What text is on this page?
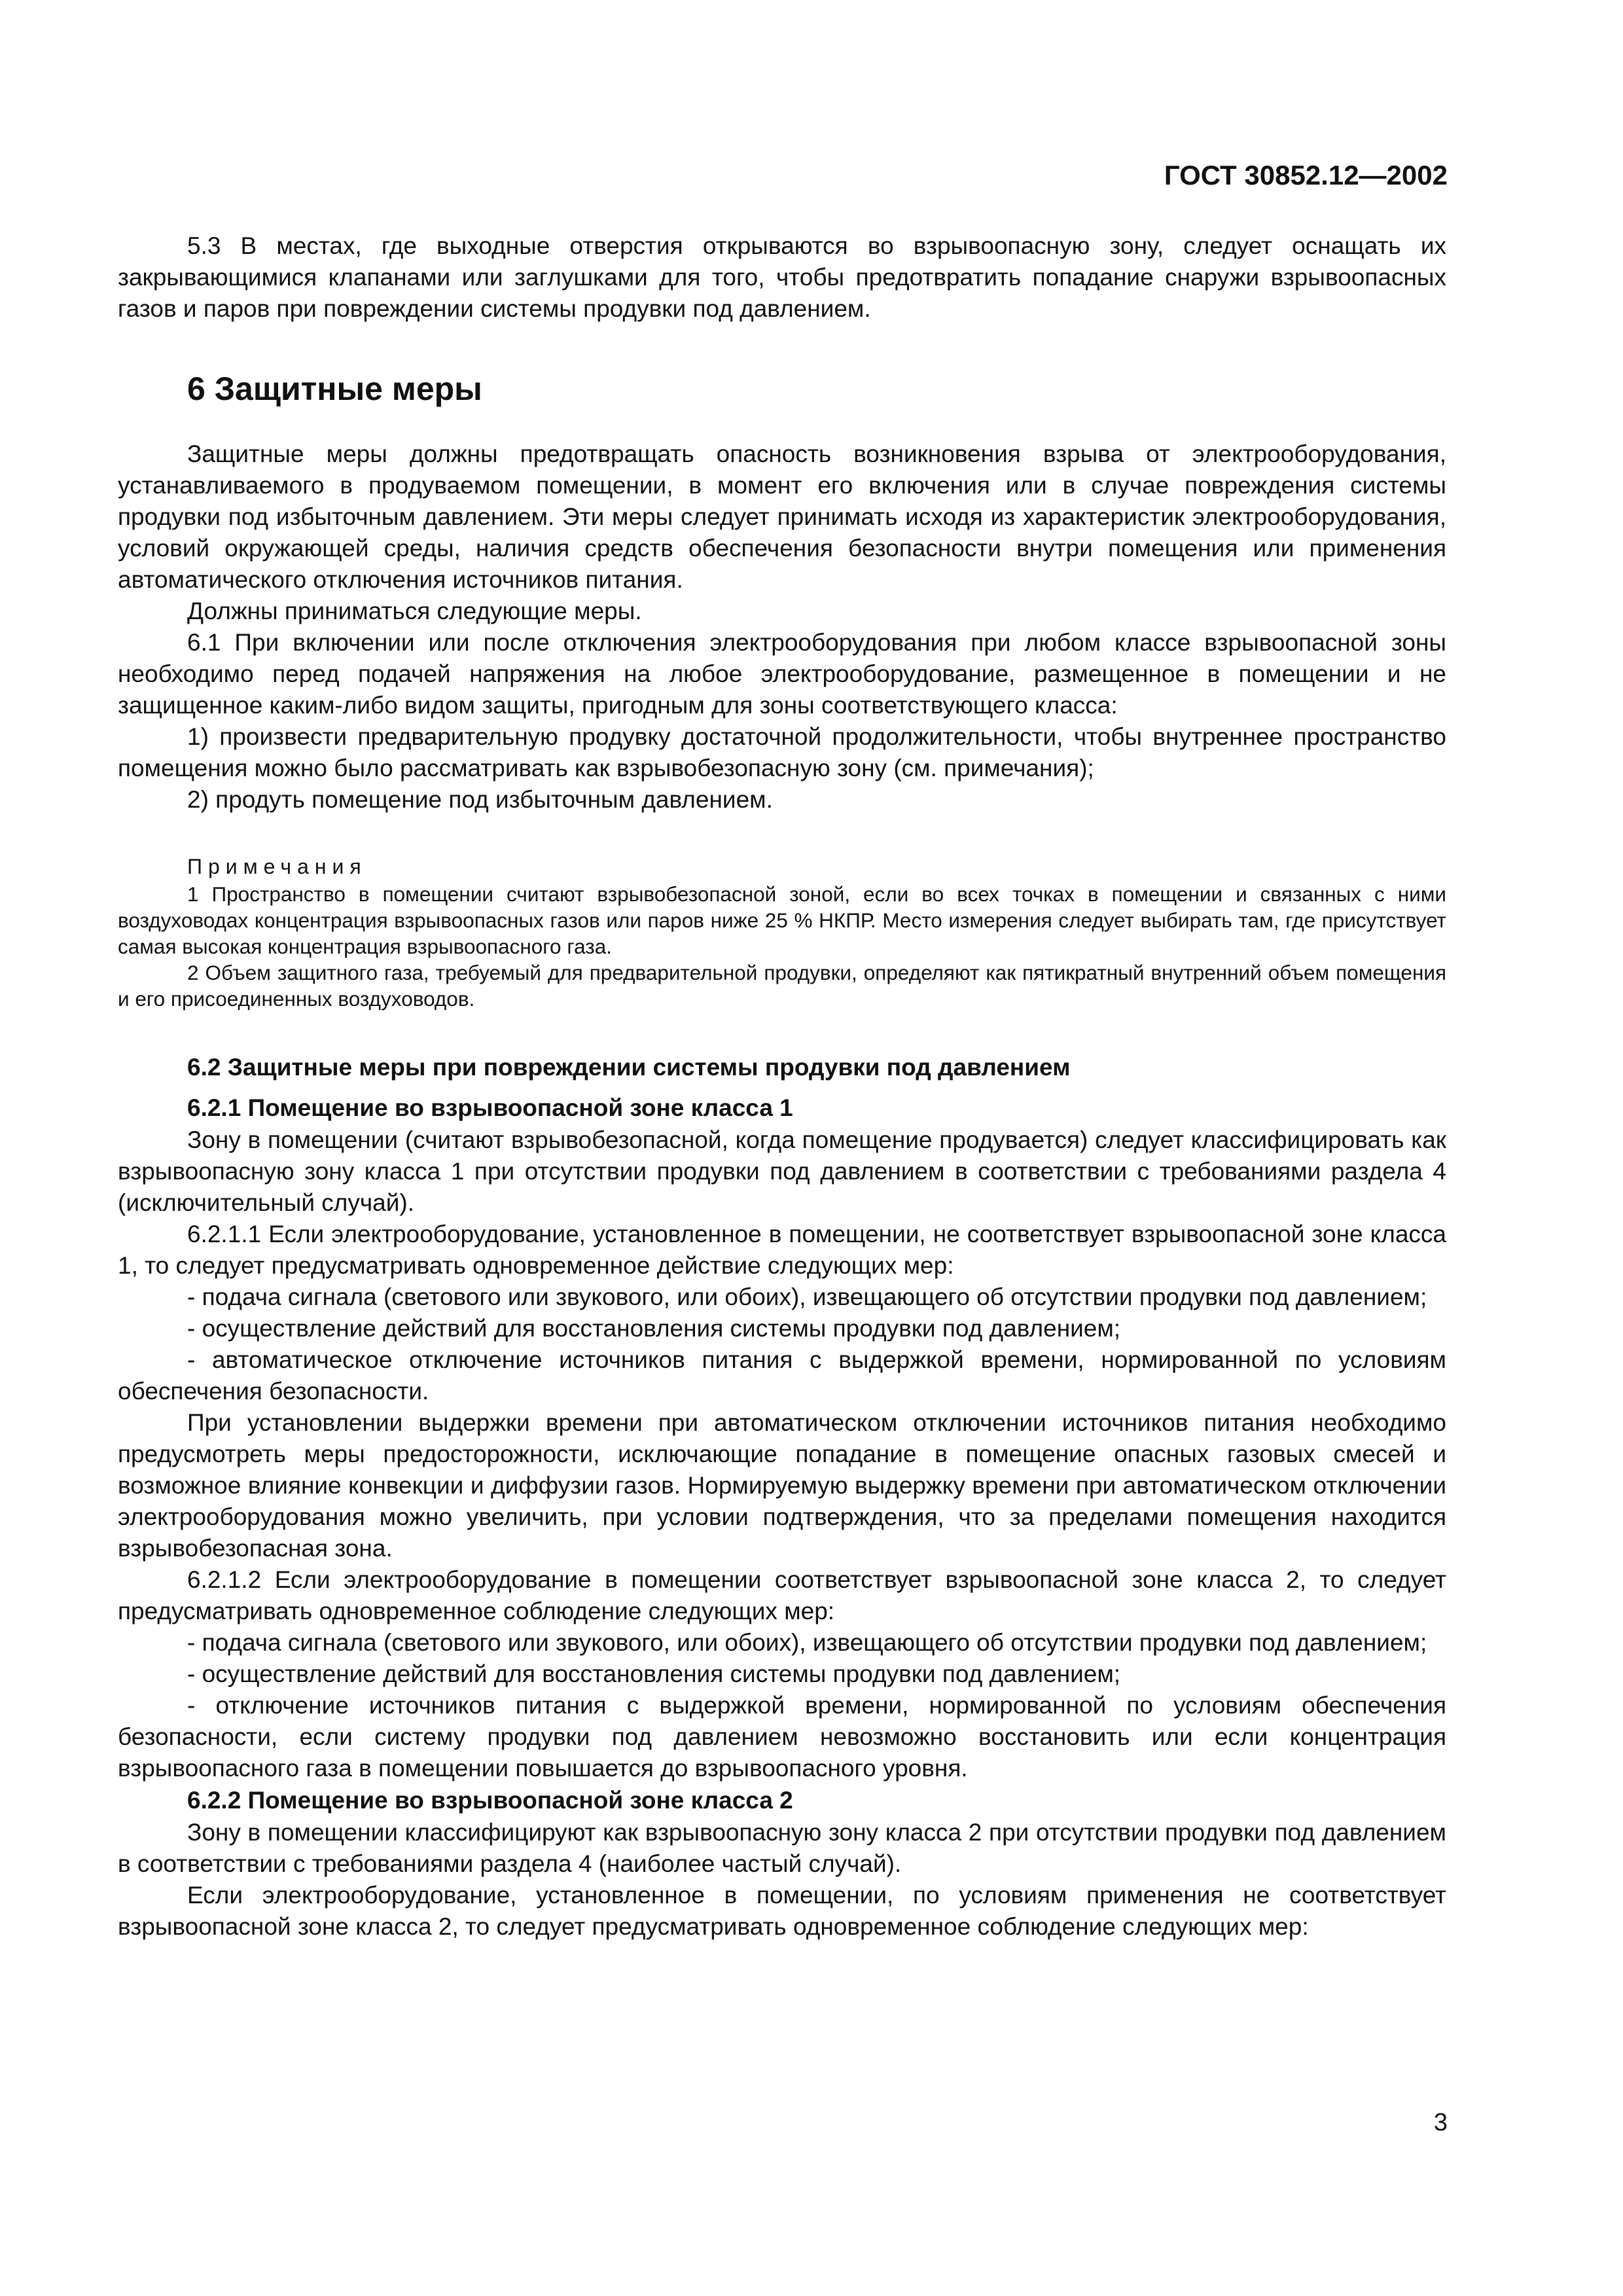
ГОСТ 30852.12—2002

5.3 В местах, где выходные отверстия открываются во взрывоопасную зону, следует оснащать их закрывающимися клапанами или заглушками для того, чтобы предотвратить попадание снаружи взрывоопасных газов и паров при повреждении системы продувки под давлением.

6 Защитные меры

Защитные меры должны предотвращать опасность возникновения взрыва от электрооборудования, устанавливаемого в продуваемом помещении, в момент его включения или в случае повреждения системы продувки под избыточным давлением. Эти меры следует принимать исходя из характеристик электрооборудования, условий окружающей среды, наличия средств обеспечения безопасности внутри помещения или применения автоматического отключения источников питания.

Должны приниматься следующие меры.

6.1 При включении или после отключения электрооборудования при любом классе взрывоопасной зоны необходимо перед подачей напряжения на любое электрооборудование, размещенное в помещении и не защищенное каким-либо видом защиты, пригодным для зоны соответствующего класса:

1) произвести предварительную продувку достаточной продолжительности, чтобы внутреннее пространство помещения можно было рассматривать как взрывобезопасную зону (см. примечания);

2) продуть помещение под избыточным давлением.

Примечания
1 Пространство в помещении считают взрывобезопасной зоной, если во всех точках в помещении и связанных с ними воздуховодах концентрация взрывоопасных газов или паров ниже 25 % НКПР. Место измерения следует выбирать там, где присутствует самая высокая концентрация взрывоопасного газа.
2 Объем защитного газа, требуемый для предварительной продувки, определяют как пятикратный внутренний объем помещения и его присоединенных воздуховодов.
6.2 Защитные меры при повреждении системы продувки под давлением
6.2.1 Помещение во взрывоопасной зоне класса 1

Зону в помещении (считают взрывобезопасной, когда помещение продувается) следует классифицировать как взрывоопасную зону класса 1 при отсутствии продувки под давлением в соответствии с требованиями раздела 4 (исключительный случай).

6.2.1.1 Если электрооборудование, установленное в помещении, не соответствует взрывоопасной зоне класса 1, то следует предусматривать одновременное действие следующих мер:

- подача сигнала (светового или звукового, или обоих), извещающего об отсутствии продувки под давлением;

- осуществление действий для восстановления системы продувки под давлением;

- автоматическое отключение источников питания с выдержкой времени, нормированной по условиям обеспечения безопасности.

При установлении выдержки времени при автоматическом отключении источников питания необходимо предусмотреть меры предосторожности, исключающие попадание в помещение опасных газовых смесей и возможное влияние конвекции и диффузии газов. Нормируемую выдержку времени при автоматическом отключении электрооборудования можно увеличить, при условии подтверждения, что за пределами помещения находится взрывобезопасная зона.

6.2.1.2 Если электрооборудование в помещении соответствует взрывоопасной зоне класса 2, то следует предусматривать одновременное соблюдение следующих мер:

- подача сигнала (светового или звукового, или обоих), извещающего об отсутствии продувки под давлением;

- осуществление действий для восстановления системы продувки под давлением;

- отключение источников питания с выдержкой времени, нормированной по условиям обеспечения безопасности, если систему продувки под давлением невозможно восстановить или если концентрация взрывоопасного газа в помещении повышается до взрывоопасного уровня.

6.2.2 Помещение во взрывоопасной зоне класса 2

Зону в помещении классифицируют как взрывоопасную зону класса 2 при отсутствии продувки под давлением в соответствии с требованиями раздела 4 (наиболее частый случай).

Если электрооборудование, установленное в помещении, по условиям применения не соответствует взрывоопасной зоне класса 2, то следует предусматривать одновременное соблюдение следующих мер:

3
